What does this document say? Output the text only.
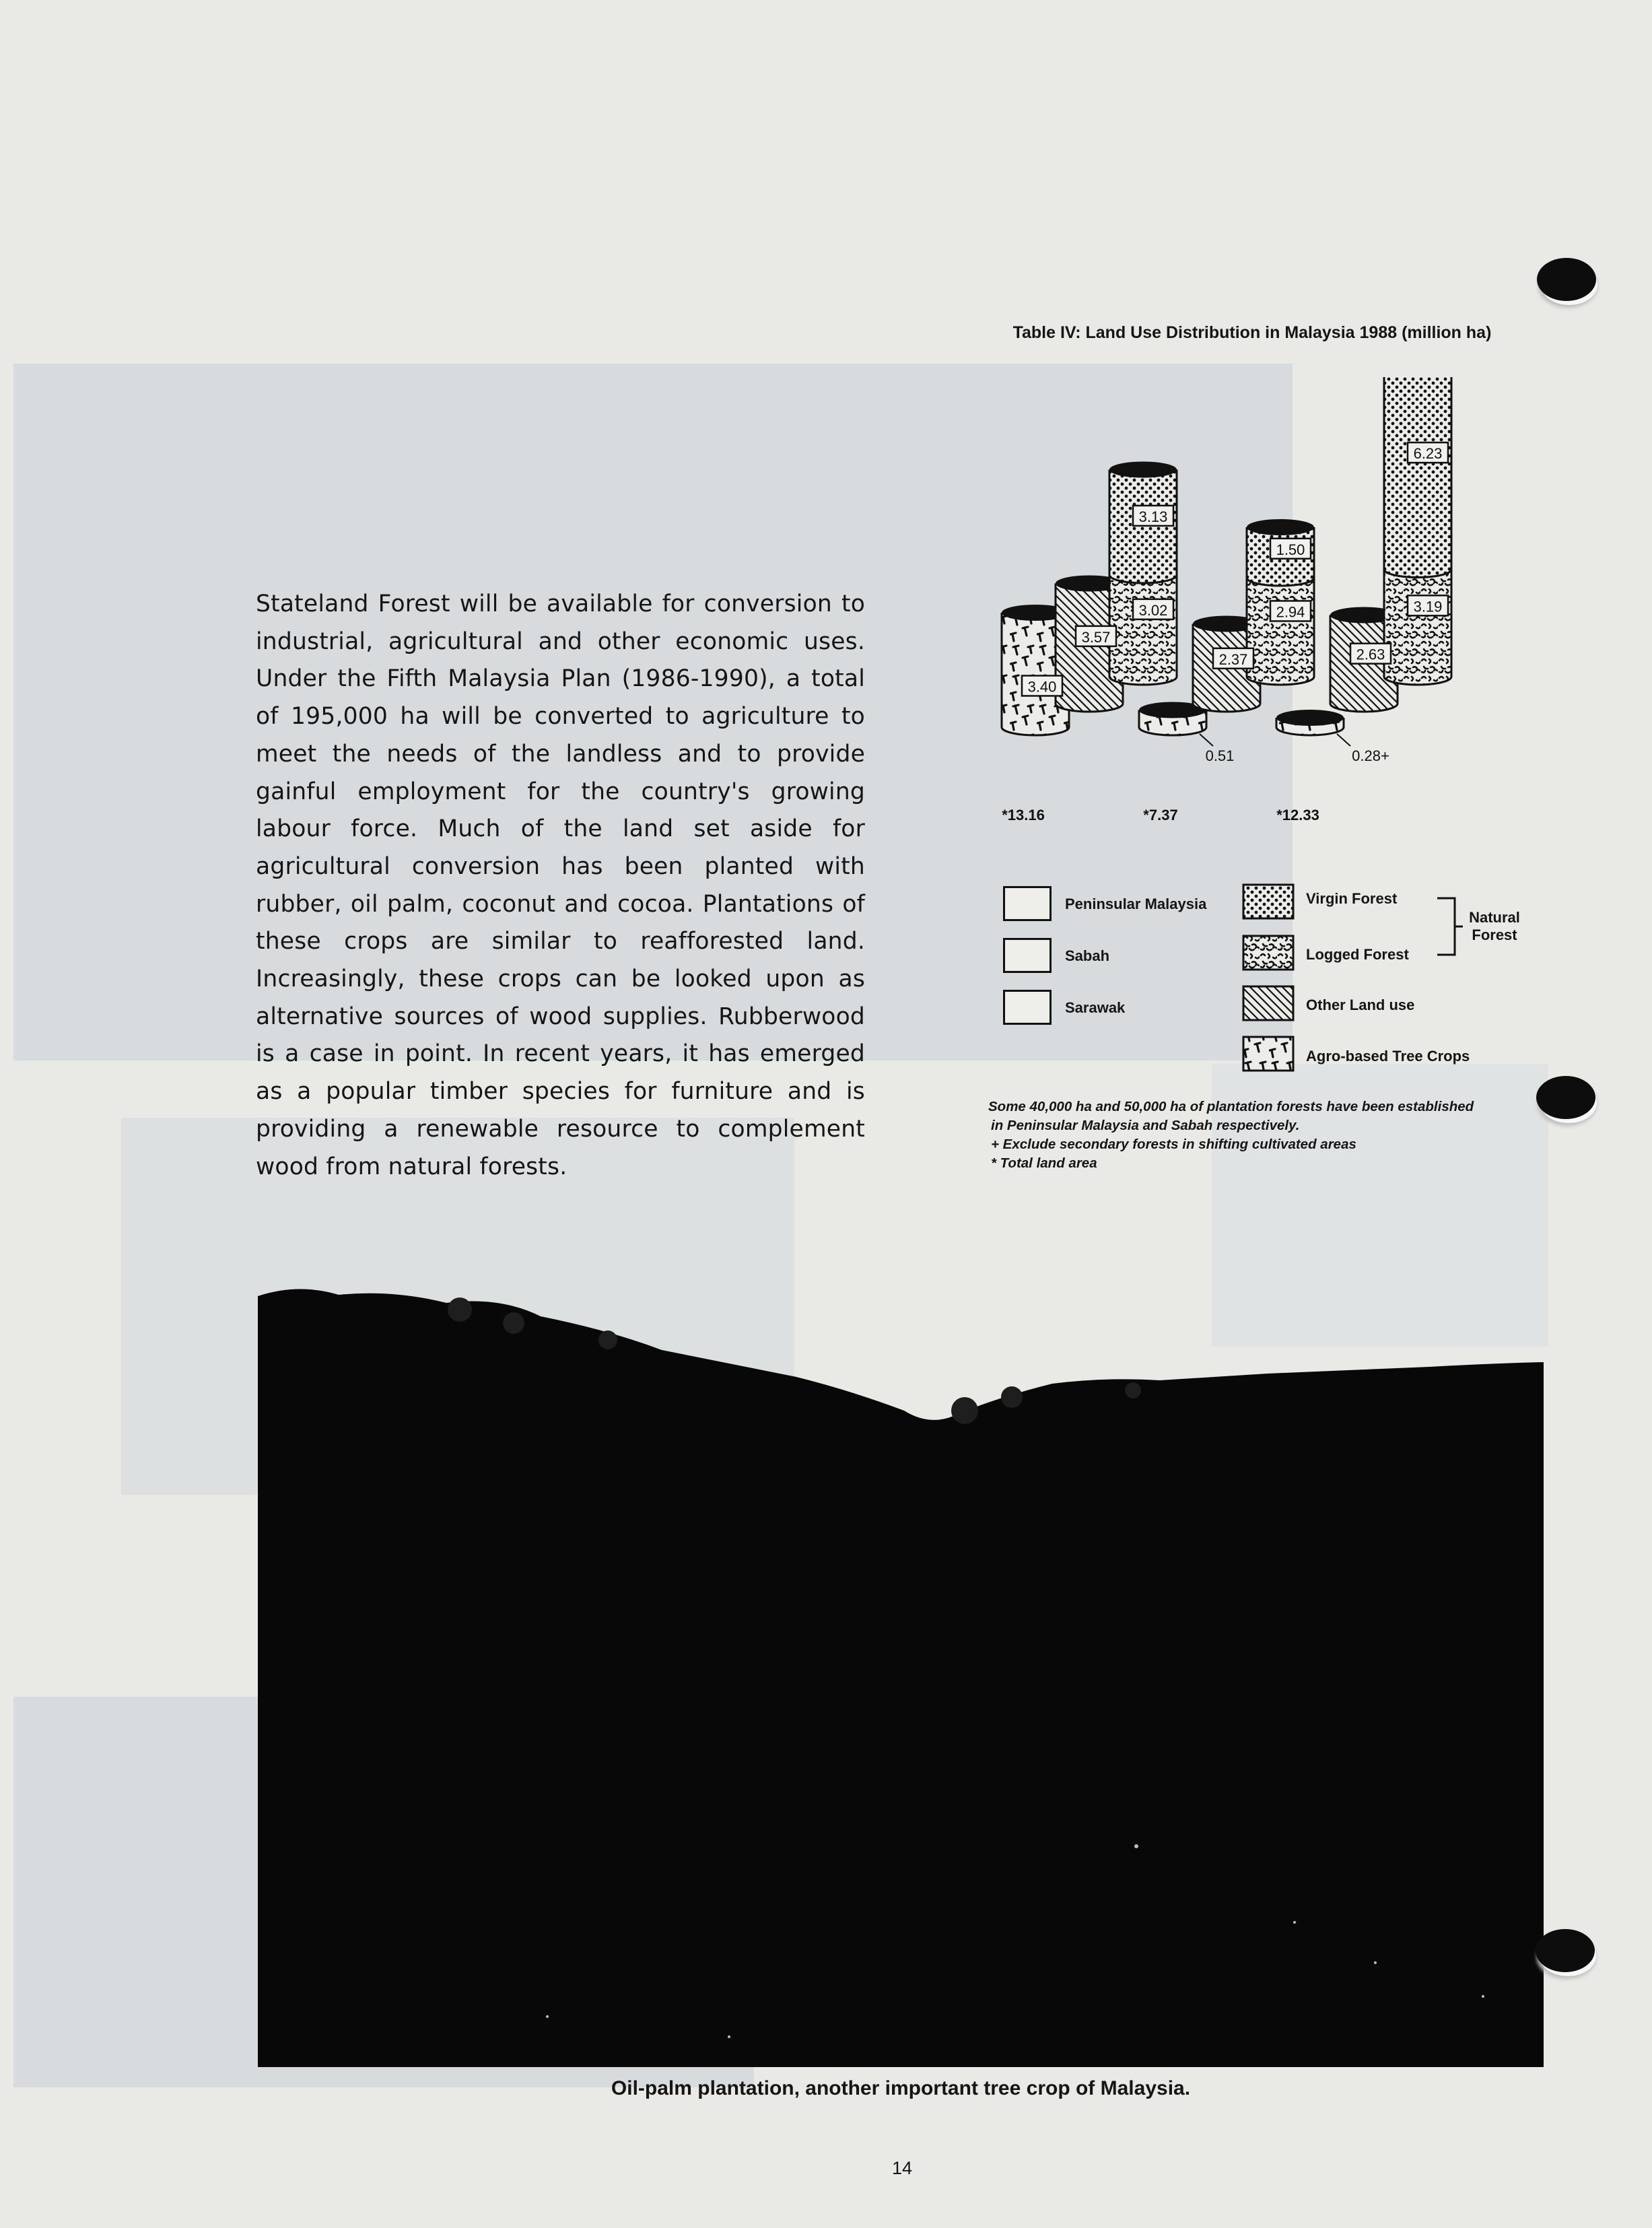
Stateland Forest will be available for conversion to industrial, agricultural and other economic uses. Under the Fifth Malaysia Plan (1986-1990), a total of 195,000 ha will be converted to agriculture to meet the needs of the landless and to provide gainful employment for the country's growing labour force. Much of the land set aside for agricultural conversion has been planted with rubber, oil palm, coconut and cocoa. Plantations of these crops are similar to reafforested land. Increasingly, these crops can be looked upon as alternative sources of wood supplies. Rubberwood is a case in point. In recent years, it has emerged as a popular timber species for furniture and is providing a renewable resource to complement wood from natural forests.
Table IV: Land Use Distribution in Malaysia 1988 (million ha)
3.40
3.57
3.02
3.13
*13.16
0.51
2.37
2.94
1.50
*7.37
0.28+
2.63
3.19
6.23
*12.33
Peninsular Malaysia
Sabah
Sarawak
Virgin Forest
Logged Forest
Other Land use
Agro-based Tree Crops
Natural Forest
Some 40,000 ha and 50,000 ha of plantation forests have been established
in Peninsular Malaysia and Sabah respectively.
+ Exclude secondary forests in shifting cultivated areas
* Total land area
Oil-palm plantation, another important tree crop of Malaysia.
14
